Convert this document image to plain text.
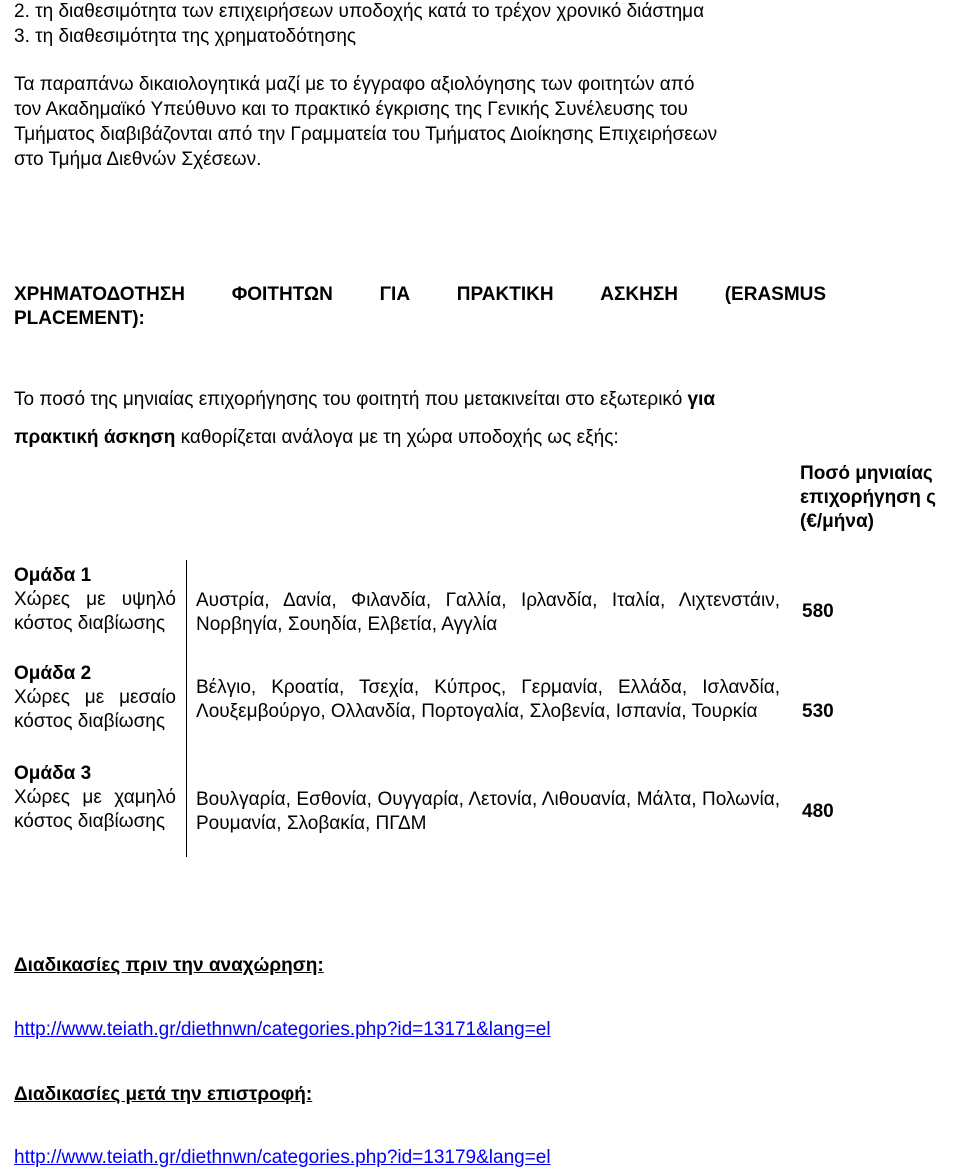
2. τη διαθεσιμότητα των επιχειρήσεων υποδοχής κατά το τρέχον χρονικό διάστημα
3. τη διαθεσιμότητα της χρηματοδότησης
Τα παραπάνω δικαιολογητικά μαζί με το έγγραφο αξιολόγησης των φοιτητών από
τον Ακαδημαϊκό Υπεύθυνο και το πρακτικό έγκρισης της Γενικής Συνέλευσης του
Τμήματος διαβιβάζονται από την Γραμματεία του Τμήματος Διοίκησης Επιχειρήσεων
στο Τμήμα Διεθνών Σχέσεων.
ΧΡΗΜΑΤΟΔΟΤΗΣΗ ΦΟΙΤΗΤΩΝ ΓΙΑ ΠΡΑΚΤΙΚΗ ΑΣΚΗΣΗ (ERASMUS
PLACEMENT):
Το ποσό της μηνιαίας επιχορήγησης του φοιτητή που μετακινείται στο εξωτερικό για
πρακτική άσκηση καθορίζεται ανάλογα με τη χώρα υποδοχής ως εξής:
Ποσό μηνιαίας επιχορήγηση ς (€/μήνα)
Ομάδα 1
Χώρες με υψηλό κόστος διαβίωσης
Αυστρία, Δανία, Φιλανδία, Γαλλία, Ιρλανδία, Ιταλία, Λιχτενστάιν, Νορβηγία, Σουηδία, Ελβετία, Αγγλία
580
Ομάδα 2
Χώρες με μεσαίο κόστος διαβίωσης
Βέλγιο, Κροατία, Τσεχία, Κύπρος, Γερμανία, Ελλάδα, Ισλανδία, Λουξεμβούργο, Ολλανδία, Πορτογαλία, Σλοβενία, Ισπανία, Τουρκία	530
Ομάδα 3
Χώρες με χαμηλό κόστος διαβίωσης
Βουλγαρία, Εσθονία, Ουγγαρία, Λετονία, Λιθουανία, Μάλτα, Πολωνία, Ρουμανία, Σλοβακία, ΠΓΔΜ
480
Διαδικασίες πριν την αναχώρηση:
http://www.teiath.gr/diethnwn/categories.php?id=13171&lang=el
Διαδικασίες μετά την επιστροφή:
http://www.teiath.gr/diethnwn/categories.php?id=13179&lang=el
